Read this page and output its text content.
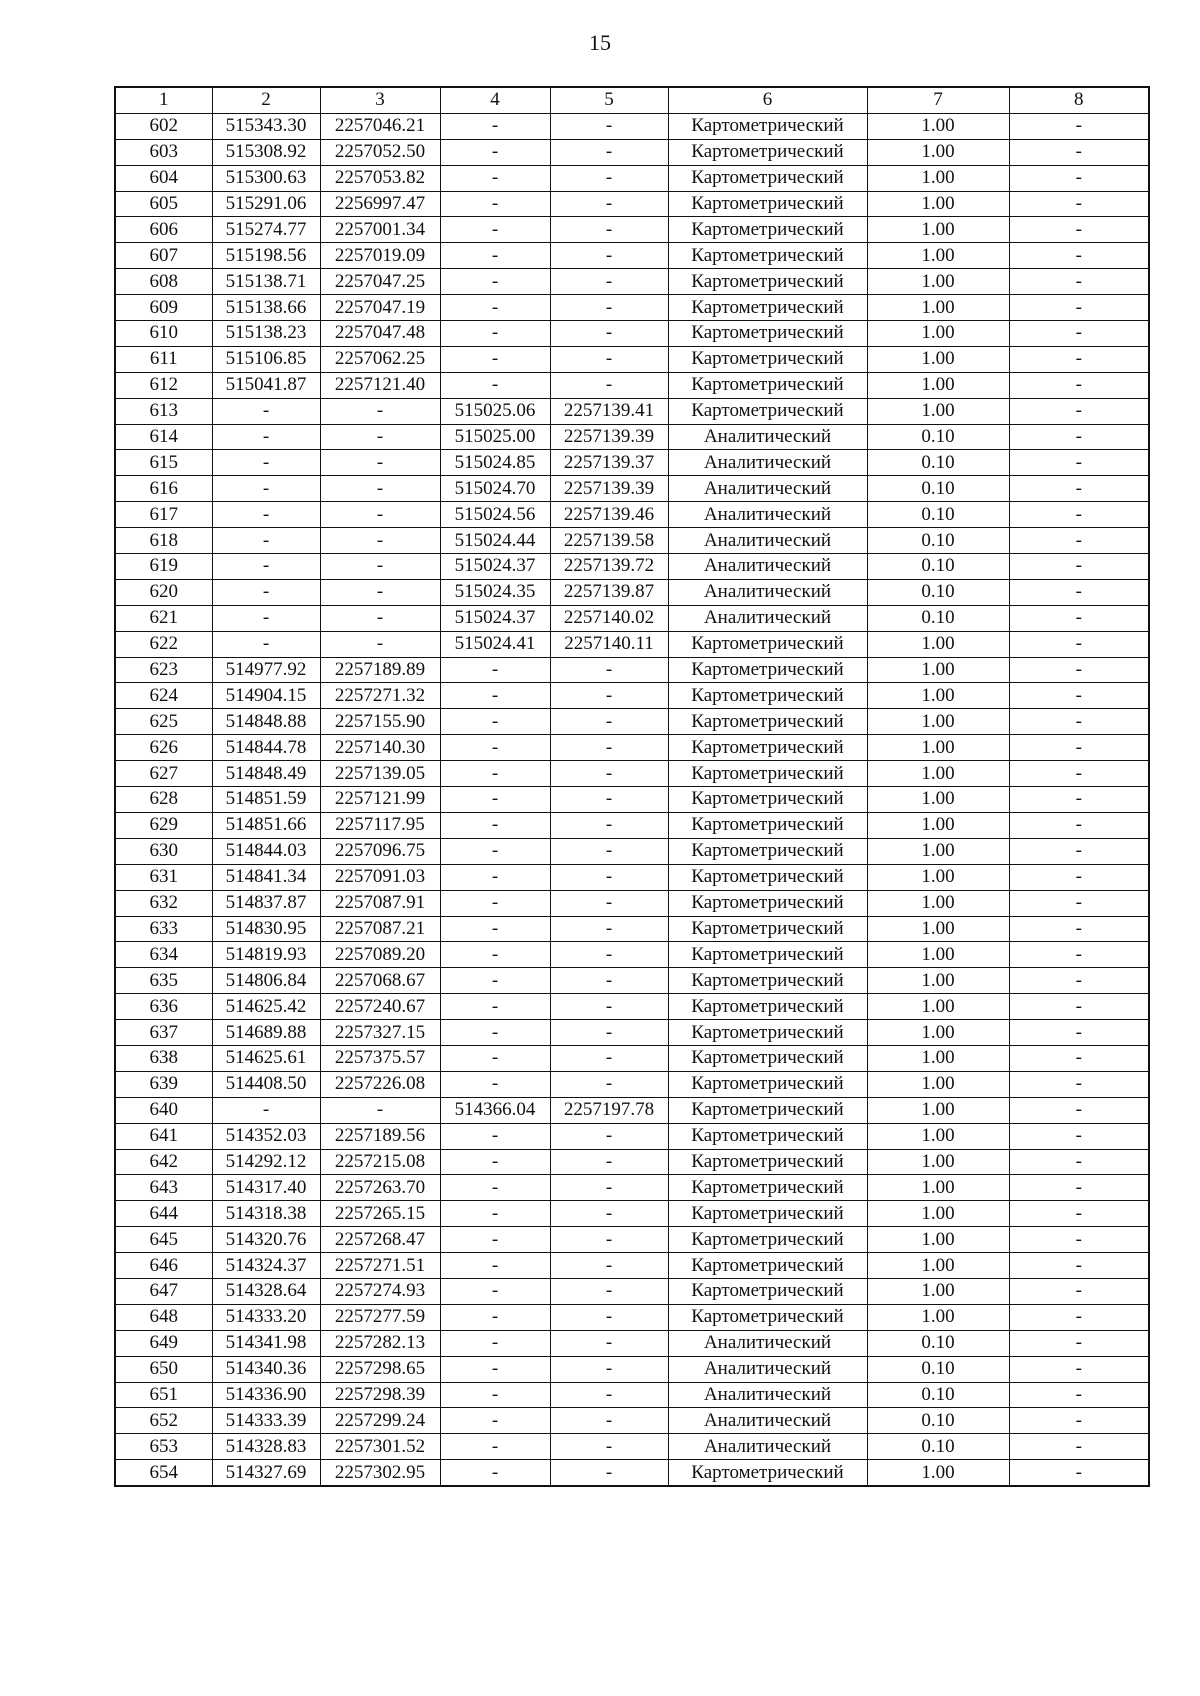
15
1	2	3	4	5	6	7	8
602	515343.30	2257046.21	-	-	Картометрический	1.00	-
603	515308.92	2257052.50	-	-	Картометрический	1.00	-
604	515300.63	2257053.82	-	-	Картометрический	1.00	-
605	515291.06	2256997.47	-	-	Картометрический	1.00	-
606	515274.77	2257001.34	-	-	Картометрический	1.00	-
607	515198.56	2257019.09	-	-	Картометрический	1.00	-
608	515138.71	2257047.25	-	-	Картометрический	1.00	-
609	515138.66	2257047.19	-	-	Картометрический	1.00	-
610	515138.23	2257047.48	-	-	Картометрический	1.00	-
611	515106.85	2257062.25	-	-	Картометрический	1.00	-
612	515041.87	2257121.40	-	-	Картометрический	1.00	-
613	-	-	515025.06	2257139.41	Картометрический	1.00	-
614	-	-	515025.00	2257139.39	Аналитический	0.10	-
615	-	-	515024.85	2257139.37	Аналитический	0.10	-
616	-	-	515024.70	2257139.39	Аналитический	0.10	-
617	-	-	515024.56	2257139.46	Аналитический	0.10	-
618	-	-	515024.44	2257139.58	Аналитический	0.10	-
619	-	-	515024.37	2257139.72	Аналитический	0.10	-
620	-	-	515024.35	2257139.87	Аналитический	0.10	-
621	-	-	515024.37	2257140.02	Аналитический	0.10	-
622	-	-	515024.41	2257140.11	Картометрический	1.00	-
623	514977.92	2257189.89	-	-	Картометрический	1.00	-
624	514904.15	2257271.32	-	-	Картометрический	1.00	-
625	514848.88	2257155.90	-	-	Картометрический	1.00	-
626	514844.78	2257140.30	-	-	Картометрический	1.00	-
627	514848.49	2257139.05	-	-	Картометрический	1.00	-
628	514851.59	2257121.99	-	-	Картометрический	1.00	-
629	514851.66	2257117.95	-	-	Картометрический	1.00	-
630	514844.03	2257096.75	-	-	Картометрический	1.00	-
631	514841.34	2257091.03	-	-	Картометрический	1.00	-
632	514837.87	2257087.91	-	-	Картометрический	1.00	-
633	514830.95	2257087.21	-	-	Картометрический	1.00	-
634	514819.93	2257089.20	-	-	Картометрический	1.00	-
635	514806.84	2257068.67	-	-	Картометрический	1.00	-
636	514625.42	2257240.67	-	-	Картометрический	1.00	-
637	514689.88	2257327.15	-	-	Картометрический	1.00	-
638	514625.61	2257375.57	-	-	Картометрический	1.00	-
639	514408.50	2257226.08	-	-	Картометрический	1.00	-
640	-	-	514366.04	2257197.78	Картометрический	1.00	-
641	514352.03	2257189.56	-	-	Картометрический	1.00	-
642	514292.12	2257215.08	-	-	Картометрический	1.00	-
643	514317.40	2257263.70	-	-	Картометрический	1.00	-
644	514318.38	2257265.15	-	-	Картометрический	1.00	-
645	514320.76	2257268.47	-	-	Картометрический	1.00	-
646	514324.37	2257271.51	-	-	Картометрический	1.00	-
647	514328.64	2257274.93	-	-	Картометрический	1.00	-
648	514333.20	2257277.59	-	-	Картометрический	1.00	-
649	514341.98	2257282.13	-	-	Аналитический	0.10	-
650	514340.36	2257298.65	-	-	Аналитический	0.10	-
651	514336.90	2257298.39	-	-	Аналитический	0.10	-
652	514333.39	2257299.24	-	-	Аналитический	0.10	-
653	514328.83	2257301.52	-	-	Аналитический	0.10	-
654	514327.69	2257302.95	-	-	Картометрический	1.00	-
